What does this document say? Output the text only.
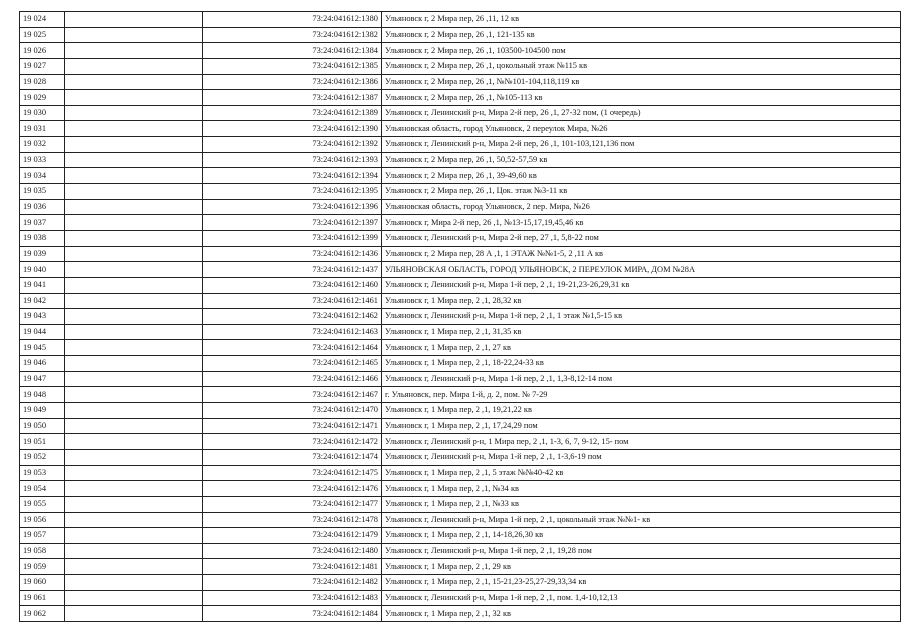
19 024		73:24:041612:1380	Ульяновск г, 2 Мира пер, 26 ,11, 12 кв
19 025		73:24:041612:1382	Ульяновск г, 2 Мира пер, 26 ,1, 121-135 кв
19 026		73:24:041612:1384	Ульяновск г, 2 Мира пер, 26 ,1, 103500-104500 пом
19 027		73:24:041612:1385	Ульяновск г, 2 Мира пер, 26 ,1, цокольный этаж №115 кв
19 028		73:24:041612:1386	Ульяновск г, 2 Мира пер, 26 ,1, №№101-104,118,119 кв
19 029		73:24:041612:1387	Ульяновск г, 2 Мира пер, 26 ,1, №105-113 кв
19 030		73:24:041612:1389	Ульяновск г, Ленинский р-н, Мира 2-й пер, 26 ,1, 27-32 пом, (1 очередь)
19 031		73:24:041612:1390	Ульяновская область, город Ульяновск, 2 переулок Мира, №26
19 032		73:24:041612:1392	Ульяновск г, Ленинский р-н, Мира 2-й пер, 26 ,1, 101-103,121,136 пом
19 033		73:24:041612:1393	Ульяновск г, 2 Мира пер, 26 ,1, 50,52-57,59 кв
19 034		73:24:041612:1394	Ульяновск г, 2 Мира пер, 26 ,1, 39-49,60 кв
19 035		73:24:041612:1395	Ульяновск г, 2 Мира пер, 26 ,1, Цок. этаж №3-11 кв
19 036		73:24:041612:1396	Ульяновская область, город Ульяновск, 2 пер. Мира, №26
19 037		73:24:041612:1397	Ульяновск г, Мира 2-й пер, 26 ,1, №13-15,17,19,45,46 кв
19 038		73:24:041612:1399	Ульяновск г, Ленинский р-н, Мира 2-й пер, 27 ,1, 5,8-22 пом
19 039		73:24:041612:1436	Ульяновск г, 2 Мира пер, 28 А ,1, 1 ЭТАЖ №№1-5, 2 ,11 А кв
19 040		73:24:041612:1437	УЛЬЯНОВСКАЯ ОБЛАСТЬ, ГОРОД УЛЬЯНОВСК, 2 ПЕРЕУЛОК МИРА, ДОМ №28А
19 041		73:24:041612:1460	Ульяновск г, Ленинский р-н, Мира 1-й пер, 2 ,1, 19-21,23-26,29,31 кв
19 042		73:24:041612:1461	Ульяновск г, 1 Мира пер, 2 ,1, 28,32 кв
19 043		73:24:041612:1462	Ульяновск г, Ленинский р-н, Мира 1-й пер, 2 ,1, 1 этаж №1,5-15 кв
19 044		73:24:041612:1463	Ульяновск г, 1 Мира пер, 2 ,1, 31,35 кв
19 045		73:24:041612:1464	Ульяновск г, 1 Мира пер, 2 ,1, 27 кв
19 046		73:24:041612:1465	Ульяновск г, 1 Мира пер, 2 ,1, 18-22,24-33 кв
19 047		73:24:041612:1466	Ульяновск г, Ленинский р-н, Мира 1-й пер, 2 ,1, 1,3-8,12-14 пом
19 048		73:24:041612:1467	г. Ульяновск, пер. Мира 1-й, д. 2, пом. № 7-29
19 049		73:24:041612:1470	Ульяновск г, 1 Мира пер, 2 ,1, 19,21,22 кв
19 050		73:24:041612:1471	Ульяновск г, 1 Мира пер, 2 ,1, 17,24,29 пом
19 051		73:24:041612:1472	Ульяновск г, Ленинский р-н, 1 Мира пер, 2 ,1, 1-3, 6, 7, 9-12, 15- пом
19 052		73:24:041612:1474	Ульяновск г, Ленинский р-н, Мира 1-й пер, 2 ,1, 1-3,6-19 пом
19 053		73:24:041612:1475	Ульяновск г, 1 Мира пер, 2 ,1, 5 этаж №№40-42 кв
19 054		73:24:041612:1476	Ульяновск г, 1 Мира пер, 2 ,1, №34 кв
19 055		73:24:041612:1477	Ульяновск г, 1 Мира пер, 2 ,1, №33 кв
19 056		73:24:041612:1478	Ульяновск г, Ленинский р-н, Мира 1-й пер, 2 ,1, цокольный этаж №№1- кв
19 057		73:24:041612:1479	Ульяновск г, 1 Мира пер, 2 ,1, 14-18,26,30 кв
19 058		73:24:041612:1480	Ульяновск г, Ленинский р-н, Мира 1-й пер, 2 ,1, 19,28 пом
19 059		73:24:041612:1481	Ульяновск г, 1 Мира пер, 2 ,1, 29 кв
19 060		73:24:041612:1482	Ульяновск г, 1 Мира пер, 2 ,1, 15-21,23-25,27-29,33,34 кв
19 061		73:24:041612:1483	Ульяновск г, Ленинский р-н, Мира 1-й пер, 2 ,1, пом. 1,4-10,12,13
19 062		73:24:041612:1484	Ульяновск г, 1 Мира пер, 2 ,1, 32 кв
